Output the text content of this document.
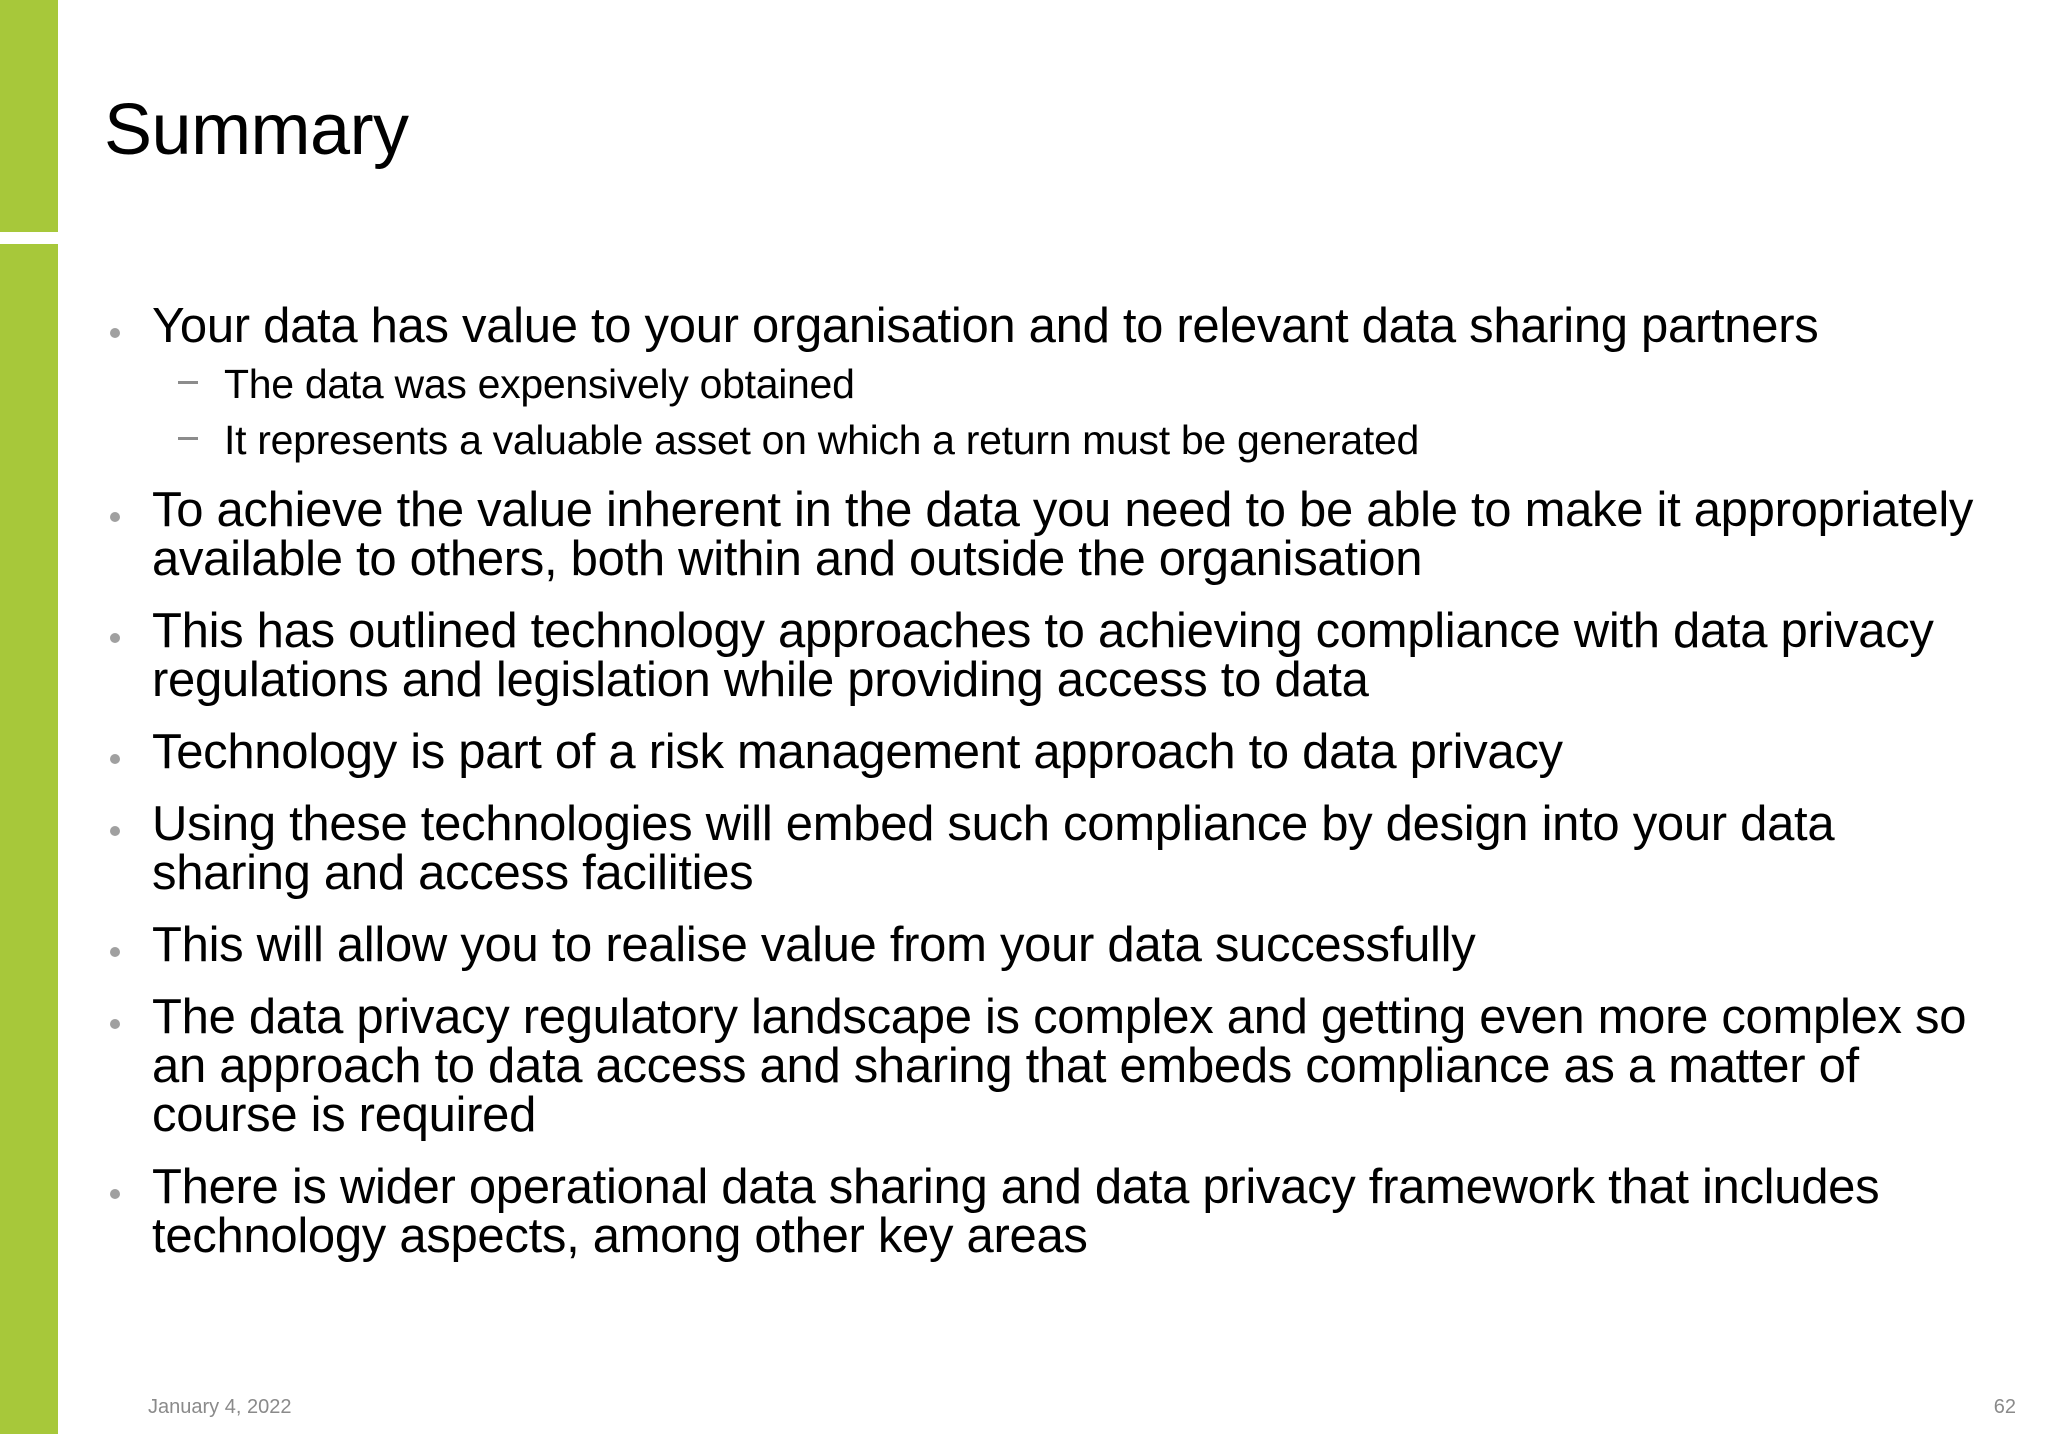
Summary
Your data has value to your organisation and to relevant data sharing partners
The data was expensively obtained
It represents a valuable asset on which a return must be generated
To achieve the value inherent in the data you need to be able to make it appropriately available to others, both within and outside the organisation
This has outlined technology approaches to achieving compliance with data privacy regulations and legislation while providing access to data
Technology is part of a risk management approach to data privacy
Using these technologies will embed such compliance by design into your data sharing and access facilities
This will allow you to realise value from your data successfully
The data privacy regulatory landscape is complex and getting even more complex so an approach to data access and sharing that embeds compliance as a matter of course is required
There is wider operational data sharing and data privacy framework that includes technology aspects, among other key areas
January 4, 2022	62
